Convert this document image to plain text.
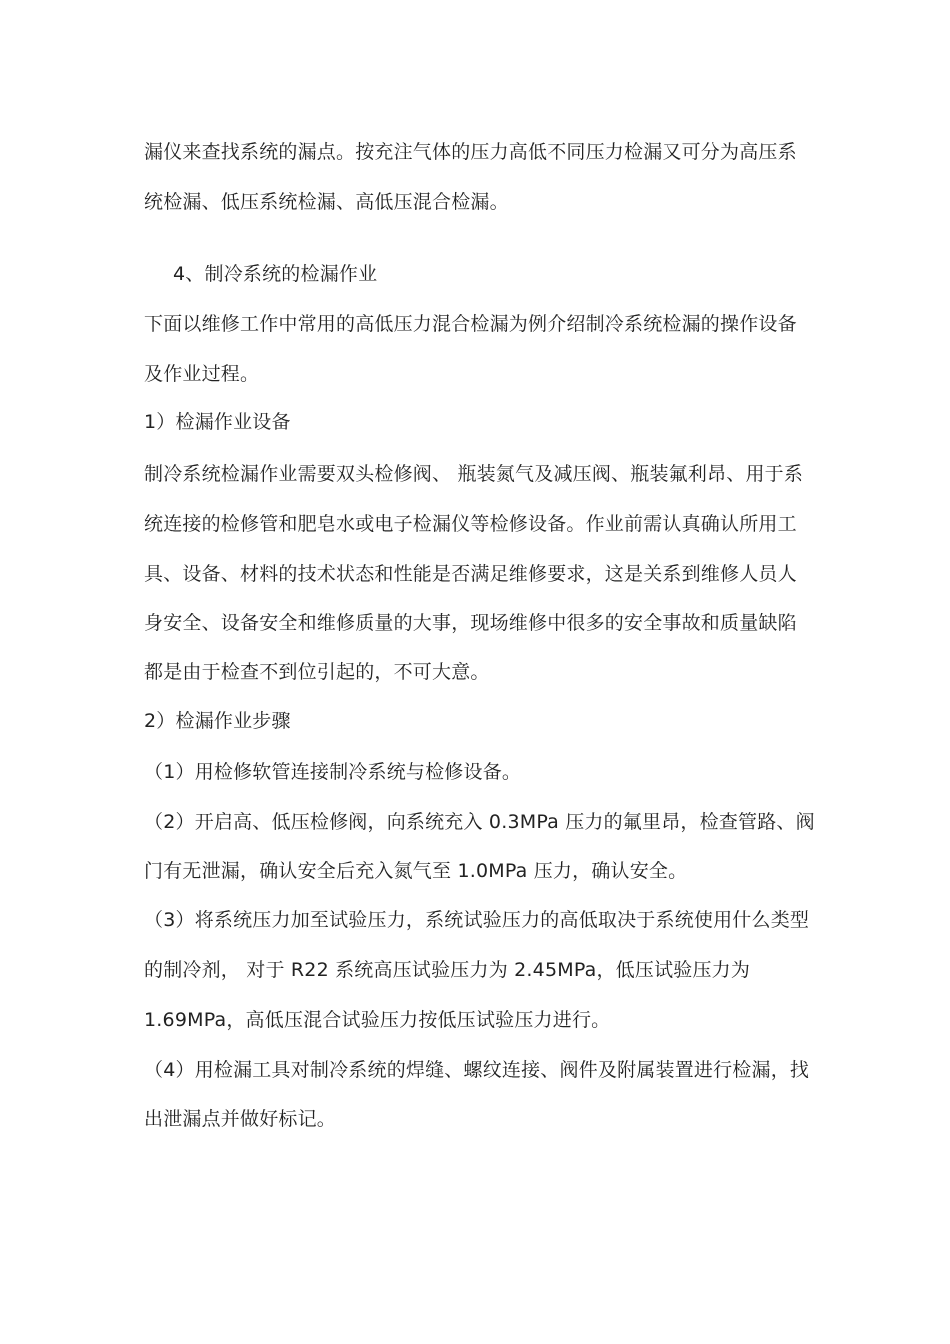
漏仪来查找系统的漏点。按充注气体的压力高低不同压力检漏又可分为高压系
统检漏、低压系统检漏、高低压混合检漏。
4、制冷系统的检漏作业
下面以维修工作中常用的高低压力混合检漏为例介绍制冷系统检漏的操作设备
及作业过程。
1）检漏作业设备
制冷系统检漏作业需要双头检修阀、 瓶装氮气及减压阀、瓶装氟利昂、用于系
统连接的检修管和肥皂水或电子检漏仪等检修设备。作业前需认真确认所用工
具、设备、材料的技术状态和性能是否满足维修要求，这是关系到维修人员人
身安全、设备安全和维修质量的大事，现场维修中很多的安全事故和质量缺陷
都是由于检查不到位引起的，不可大意。
2）检漏作业步骤
（1）用检修软管连接制冷系统与检修设备。
（2）开启高、低压检修阀，向系统充入 0.3MPa 压力的氟里昂，检查管路、阀
门有无泄漏，确认安全后充入氮气至 1.0MPa 压力，确认安全。
（3）将系统压力加至试验压力，系统试验压力的高低取决于系统使用什么类型
的制冷剂， 对于 R22 系统高压试验压力为 2.45MPa，低压试验压力为
1.69MPa，高低压混合试验压力按低压试验压力进行。
（4）用检漏工具对制冷系统的焊缝、螺纹连接、阀件及附属装置进行检漏，找
出泄漏点并做好标记。
